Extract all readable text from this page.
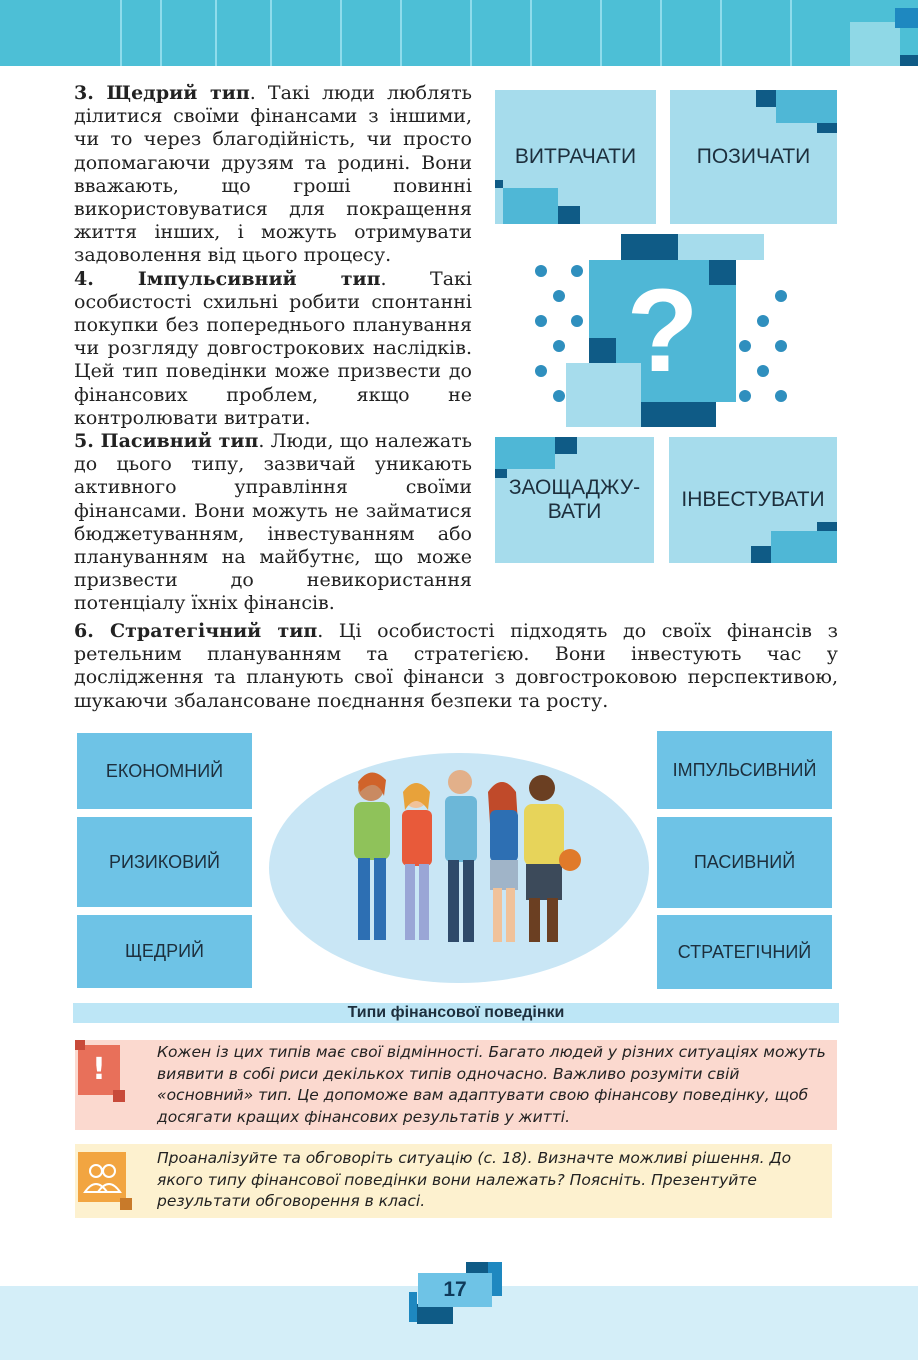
3. Щедрий тип. Такі люди люблять ділитися своїми фінансами з іншими, чи то через благодійність, чи просто допомагаючи друзям та родині. Вони вважають, що гроші повинні використовуватися для покращення життя інших, і можуть отримувати задоволення від цього процесу.

4. Імпульсивний тип. Такі особистості схильні робити спонтанні покупки без попереднього планування чи розгляду довгострокових наслідків. Цей тип поведінки може призвести до фінансових проблем, якщо не контролювати витрати.

5. Пасивний тип. Люди, що належать до цього типу, зазвичай уникають активного управління своїми фінансами. Вони можуть не займатися бюджетуванням, інвестуванням або плануванням на майбутнє, що може призвести до невикористання потенціалу їхніх фінансів.

6. Стратегічний тип. Ці особистості підходять до своїх фінансів з ретельним плануванням та стратегією. Вони інвестують час у дослідження та планують свої фінанси з довгостроковою перспективою, шукаючи збалансоване поєднання безпеки та росту.
ВИТРАЧАТИ	ПОЗИЧАТИ
?
ЗАОЩАДЖУ-
ВАТИ
ІНВЕСТУВАТИ
ЕКОНОМНИЙ
РИЗИКОВИЙ
ЩЕДРИЙ
ІМПУЛЬСИВНИЙ
ПАСИВНИЙ
СТРАТЕГІЧНИЙ
Типи фінансової поведінки
!	Кожен із цих типів має свої відмінності. Багато людей у різних ситуаціях можуть виявити в собі риси декількох типів одночасно. Важливо розуміти свій «основний» тип. Це допоможе вам адаптувати свою фінансову поведінку, щоб досягати кращих фінансових результатів у житті.
Проаналізуйте та обговоріть ситуацію (с. 18). Визначте можливі рішення. До якого типу фінансової поведінки вони належать? Поясніть. Презентуйте результати обговорення в класі.
17
